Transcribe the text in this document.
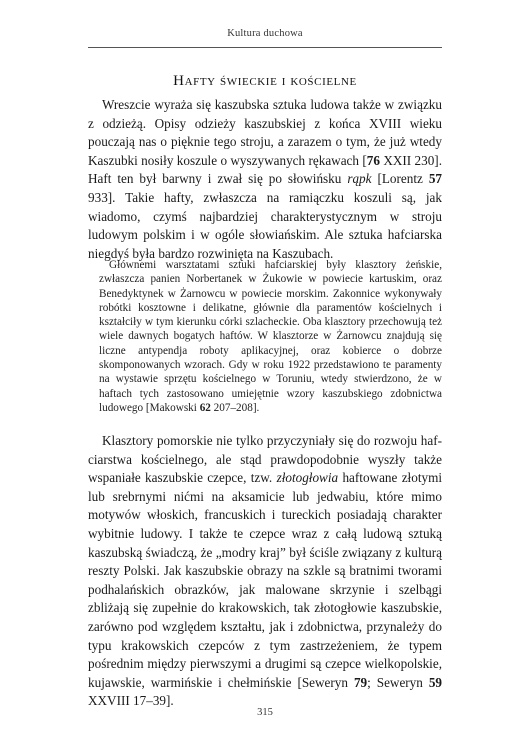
Kultura duchowa
Hafty świeckie i kościelne

Wreszcie wyraża się kaszubska sztuka ludowa także w związku z odzieżą. Opisy odzieży kaszubskiej z końca XVIII wieku pouczają nas o pięknie tego stroju, a zarazem o tym, że już wtedy Kaszubki nosiły koszule o wyszywanych rękawach [76 XXII 230]. Haft ten był barwny i zwał się po słowińsku rąpk [Lorentz 57 933]. Takie hafty, zwłaszcza na ramiączku koszuli są, jak wiadomo, czymś najbardziej charakterystycznym w stroju ludowym polskim i w ogóle słowiańskim. Ale sztuka hafciarska niegdyś była bardzo rozwinięta na Kaszubach.

Głównemi warsztatami sztuki hafciarskiej były klasztory żeńskie, zwłaszcza panien Norbertanek w Żukowie w powiecie kartuskim, oraz Benedyktynek w Żarnowcu w powiecie morskim. Zakonnice wykonywały robótki kosztowne i delikatne, głównie dla paramentów kościelnych i kształciły w tym kierunku córki szlacheckie. Oba klasztory przechowują też wiele dawnych bogatych haftów. W klasztorze w Żarnowcu znajdują się liczne antypendja roboty aplikacyjnej, oraz kobierce o dobrze skomponowanych wzorach. Gdy w roku 1922 przedstawiono te paramenty na wystawie sprzętu kościelnego w Toruniu, wtedy stwierdzono, że w haftach tych zastosowano umiejętnie wzory kaszubskiego zdobnictwa ludowego [Makowski 62 207–208].

Klasztory pomorskie nie tylko przyczyniały się do rozwoju hafciarstwa kościelnego, ale stąd prawdopodobnie wyszły także wspaniałe kaszubskie czepce, tzw. złotogłowia haftowane złotymi lub srebrnymi nićmi na aksamicie lub jedwabiu, które mimo motywów włoskich, francuskich i tureckich posiadają charakter wybitnie ludowy. I także te czepce wraz z całą ludową sztuką kaszubską świadczą, że „modry kraj” był ściśle związany z kulturą reszty Polski. Jak kaszubskie obrazy na szkle są bratnimi tworami podhalańskich obrazków, jak malowane skrzynie i szelbągi zbliżają się zupełnie do krakowskich, tak złotogłowie kaszubskie, zarówno pod względem kształtu, jak i zdobnictwa, przynależy do typu krakowskich czepców z tym zastrzeżeniem, że typem pośrednim między pierwszymi a drugimi są czepce wielkopolskie, kujawskie, warmińskie i chełmińskie [Seweryn 79; Seweryn 59 XXVIII 17–39].

315
